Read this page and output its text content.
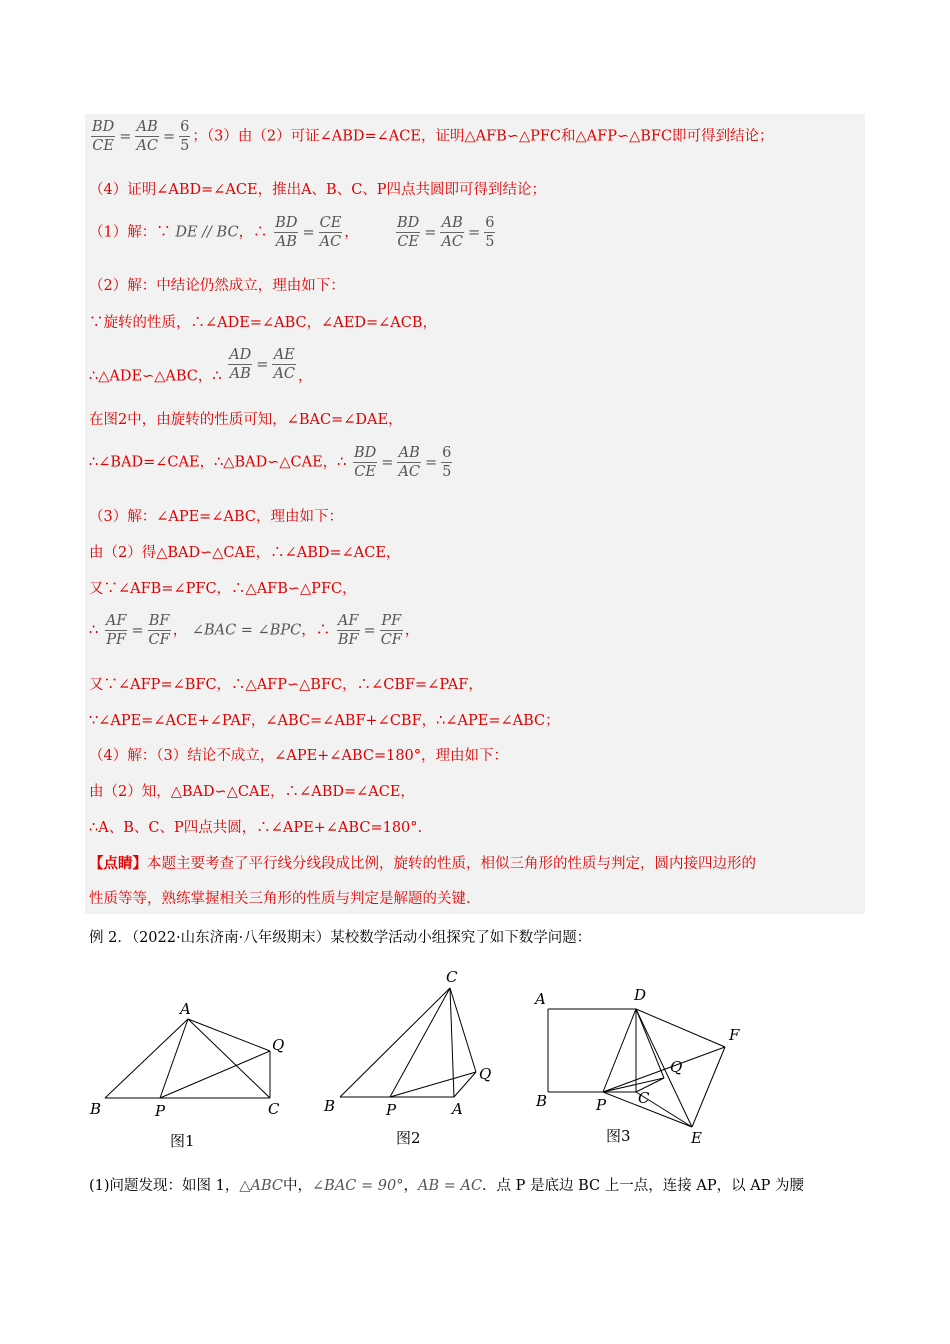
$\frac{BD}{CE} = \frac{AB}{AC} = \frac{6}{5}$ ；（3）由（2）可证∠ABD=∠ACE，证明△AFB∽△PFC和△AFP∽△BFC即可得到结论；
（4）证明∠ABD=∠ACE，推出A、B、C、P四点共圆即可得到结论；
（1）解：∵ DE // BC，∴ $\frac{BD}{AB} = \frac{CE}{AC}$ ，	$\frac{BD}{CE} = \frac{AB}{AC} = \frac{6}{5}$
（2）解：中结论仍然成立，理由如下：
∵旋转的性质，∴∠ADE=∠ABC，∠AED=∠ACB，
∴△ADE∽△ABC，∴ $\frac{AD}{AB} = \frac{AE}{AC}$ ，
在图2中，由旋转的性质可知，∠BAC=∠DAE，
∴∠BAD=∠CAE，∴△BAD∽△CAE，∴ $\frac{BD}{CE} = \frac{AB}{AC} = \frac{6}{5}$
（3）解：∠APE=∠ABC，理由如下：
由（2）得△BAD∽△CAE，∴∠ABD=∠ACE，
又∵∠AFB=∠PFC，∴△AFB∽△PFC，
∴ $\frac{AF}{PF} = \frac{BF}{CF}$ ， ∠BAC = ∠BPC，∴ $\frac{AF}{BF} = \frac{PF}{CF}$ ，
又∵∠AFP=∠BFC，∴△AFP∽△BFC，∴∠CBF=∠PAF，
∵∠APE=∠ACE+∠PAF，∠ABC=∠ABF+∠CBF，∴∠APE=∠ABC；
（4）解：（3）结论不成立，∠APE+∠ABC=180°，理由如下：
由（2）知，△BAD∽△CAE，∴∠ABD=∠ACE，
∴A、B、C、P四点共圆，∴∠APE+∠ABC=180°.
【点睛】本题主要考查了平行线分线段成比例，旋转的性质，相似三角形的性质与判定，圆内接四边形的
性质等等，熟练掌握相关三角形的性质与判定是解题的关键.
例 2．（2022·山东济南·八年级期末）某校数学活动小组探究了如下数学问题：
A
B	P	C
Q
图1
C
B	P	A
Q
图2
A	D
F
Q
B	P C
E
图3
(1)问题发现：如图 1，△ABC中，∠BAC = 90°，AB = AC．点 P 是底边 BC 上一点，连接 AP，以 AP 为腰
